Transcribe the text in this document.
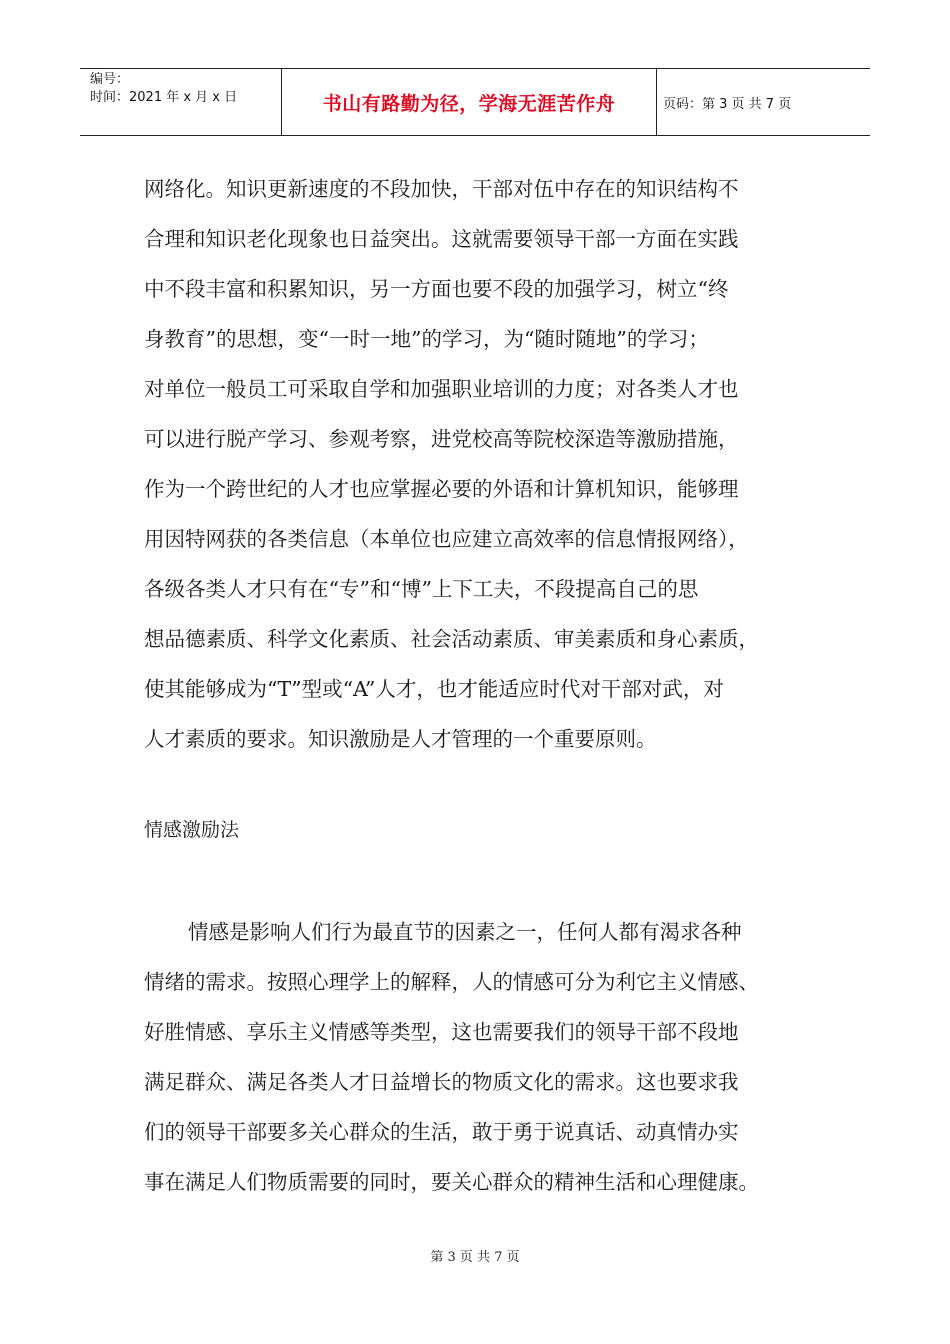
编号：
时间：2021 年 x 月 x 日	书山有路勤为径，学海无涯苦作舟	页码：第 3 页 共 7 页
网络化。知识更新速度的不段加快，干部对伍中存在的知识结构不
合理和知识老化现象也日益突出。这就需要领导干部一方面在实践
中不段丰富和积累知识，另一方面也要不段的加强学习，树立“终
身教育”的思想，变“一时一地”的学习，为“随时随地”的学习；
对单位一般员工可采取自学和加强职业培训的力度；对各类人才也
可以进行脱产学习、参观考察，进党校高等院校深造等激励措施，
作为一个跨世纪的人才也应掌握必要的外语和计算机知识，能够理
用因特网获的各类信息（本单位也应建立高效率的信息情报网络），
各级各类人才只有在“专”和“博”上下工夫，不段提高自己的思
想品德素质、科学文化素质、社会活动素质、审美素质和身心素质，
使其能够成为“T”型或“A”人才，也才能适应时代对干部对武，对
人才素质的要求。知识激励是人才管理的一个重要原则。
情感激励法
情感是影响人们行为最直节的因素之一，任何人都有渴求各种
情绪的需求。按照心理学上的解释，人的情感可分为利它主义情感、
好胜情感、享乐主义情感等类型，这也需要我们的领导干部不段地
满足群众、满足各类人才日益增长的物质文化的需求。这也要求我
们的领导干部要多关心群众的生活，敢于勇于说真话、动真情办实
事在满足人们物质需要的同时，要关心群众的精神生活和心理健康。
第 3 页 共 7 页
